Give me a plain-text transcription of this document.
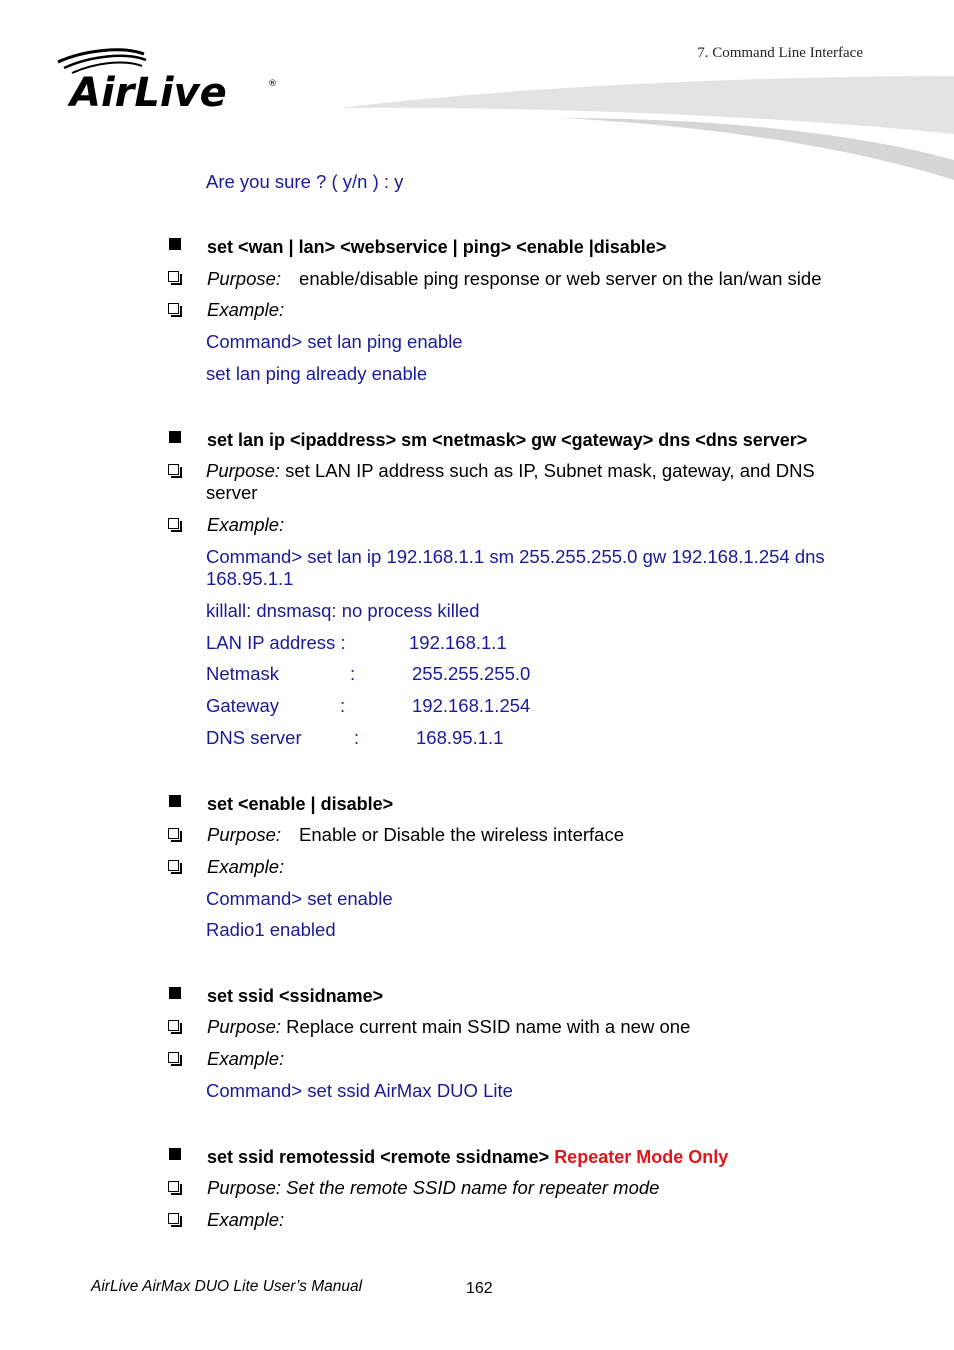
AirLive	®
7. Command Line Interface
Are you sure ? ( y/n ) : y
set <wan | lan> <webservice | ping> <enable |disable>
Purpose: enable/disable ping response or web server on the lan/wan side
Example:
Command> set lan ping enable
set lan ping already enable
set lan ip <ipaddress> sm <netmask> gw <gateway> dns <dns server>
Purpose: set LAN IP address such as IP, Subnet mask, gateway, and DNS server
Example:
Command> set lan ip 192.168.1.1 sm 255.255.255.0 gw 192.168.1.254 dns 168.95.1.1
killall: dnsmasq: no process killed
LAN IP address :	192.168.1.1
Netmask	:	255.255.255.0
Gateway	:	192.168.1.254
DNS server	:	168.95.1.1
set <enable | disable>
Purpose: Enable or Disable the wireless interface
Example:
Command> set enable
Radio1 enabled
set ssid <ssidname>
Purpose: Replace current main SSID name with a new one
Example:
Command> set ssid AirMax DUO Lite
set ssid remotessid <remote ssidname> Repeater Mode Only
Purpose: Set the remote SSID name for repeater mode
Example:
AirLive AirMax DUO Lite User’s Manual	162
